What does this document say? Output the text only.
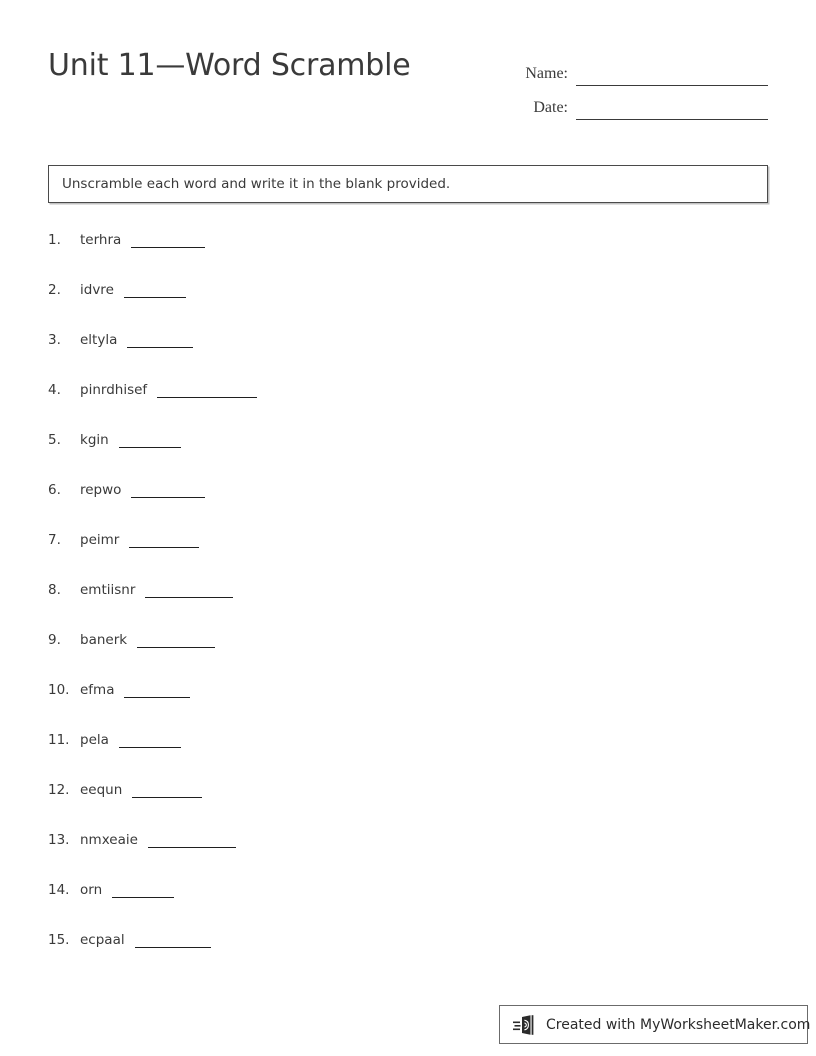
Unit 11—Word Scramble	Name:
Date:
Unscramble each word and write it in the blank provided.
1.	terhra
2.	idvre
3.	eltyla
4.	pinrdhisef
5.	kgin
6.	repwo
7.	peimr
8.	emtiisnr
9.	banerk
10. efma
11. pela
12. eequn
13. nmxeaie
14. orn
15. ecpaal
Created with MyWorksheetMaker.com
